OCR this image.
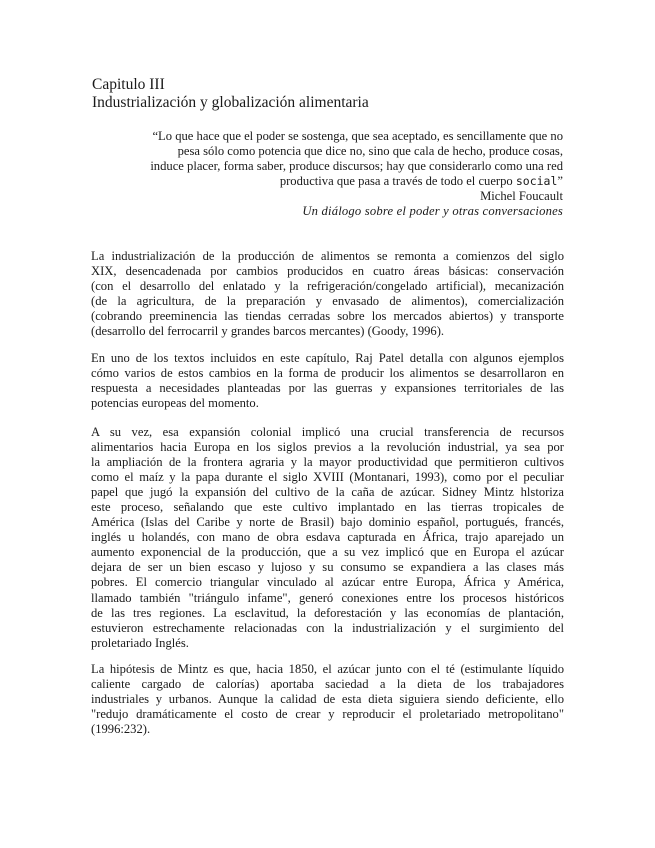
Capitulo III
Industrialización y globalización alimentaria
“Lo que hace que el poder se sostenga, que sea aceptado, es sencillamente que no
pesa sólo como potencia que dice no, sino que cala de hecho, produce cosas,
induce placer, forma saber, produce discursos; hay que considerarlo como una red
productiva que pasa a través de todo el cuerpo social”
Michel Foucault
Un diálogo sobre el poder y otras conversaciones
La industrialización de la producción de alimentos se remonta a comienzos del siglo
XIX, desencadenada por cambios producidos en cuatro áreas básicas: conservación
(con el desarrollo del enlatado y la refrigeración/congelado artificial), mecanización
(de la agricultura, de la preparación y envasado de alimentos), comercialización
(cobrando preeminencia las tiendas cerradas sobre los mercados abiertos) y transporte
(desarrollo del ferrocarril y grandes barcos mercantes) (Goody, 1996).
En uno de los textos incluidos en este capítulo, Raj Patel detalla con algunos ejemplos
cómo varios de estos cambios en la forma de producir los alimentos se desarrollaron en
respuesta a necesidades planteadas por las guerras y expansiones territoriales de las
potencias europeas del momento.
A su vez, esa expansión colonial implicó una crucial transferencia de recursos
alimentarios hacia Europa en los siglos previos a la revolución industrial, ya sea por
la ampliación de la frontera agraria y la mayor productividad que permitieron cultivos
como el maíz y la papa durante el siglo XVIII (Montanari, 1993), como por el peculiar
papel que jugó la expansión del cultivo de la caña de azúcar. Sidney Mintz hlstoriza
este proceso, señalando que este cultivo implantado en las tierras tropicales de
América (Islas del Caribe y norte de Brasil) bajo dominio español, portugués, francés,
inglés u holandés, con mano de obra esdava capturada en África, trajo aparejado un
aumento exponencial de la producción, que a su vez implicó que en Europa el azúcar
dejara de ser un bien escaso y lujoso y su consumo se expandiera a las clases más
pobres. El comercio triangular vinculado al azúcar entre Europa, África y América,
llamado también "triángulo infame", generó conexiones entre los procesos históricos
de las tres regiones. La esclavitud, la deforestación y las economías de plantación,
estuvieron estrechamente relacionadas con la industrialización y el surgimiento del
proletariado Inglés.
La hipótesis de Mintz es que, hacia 1850, el azúcar junto con el té (estimulante líquido
caliente cargado de calorías) aportaba saciedad a la dieta de los trabajadores
industriales y urbanos. Aunque la calidad de esta dieta siguiera siendo deficiente, ello
"redujo dramáticamente el costo de crear y reproducir el proletariado metropolitano"
(1996:232).
